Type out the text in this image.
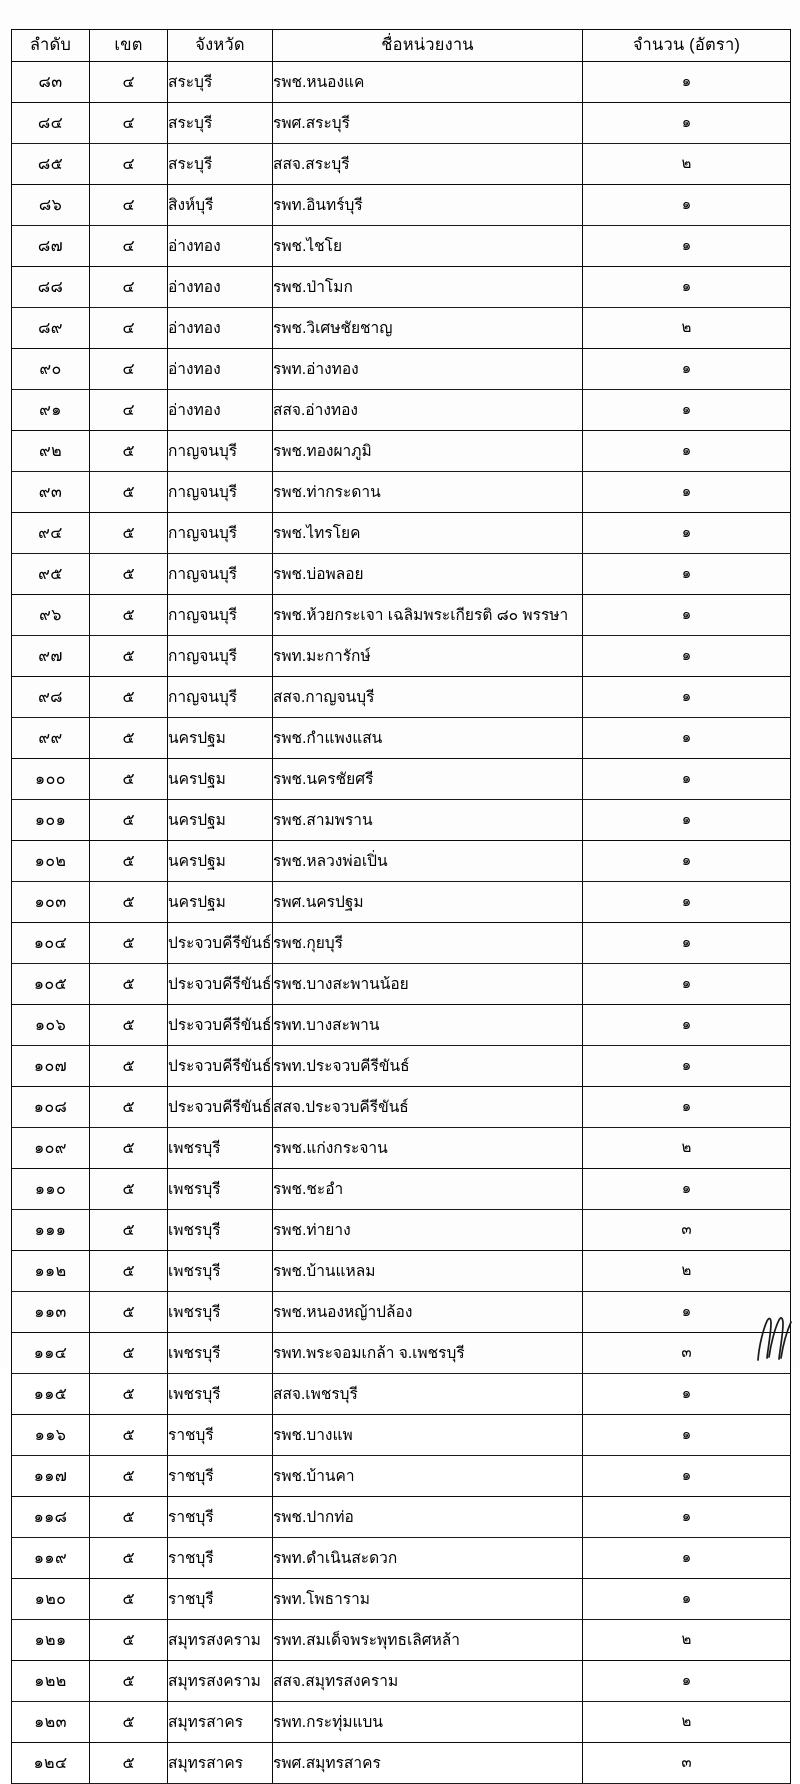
ลำดับ	เขต	จังหวัด	ชื่อหน่วยงาน	จำนวน (อัตรา)
๘๓	๔	สระบุรี	รพช.หนองแค	๑
๘๔	๔	สระบุรี	รพศ.สระบุรี	๑
๘๕	๔	สระบุรี	สสจ.สระบุรี	๒
๘๖	๔	สิงห์บุรี	รพท.อินทร์บุรี	๑
๘๗	๔	อ่างทอง	รพช.ไชโย	๑
๘๘	๔	อ่างทอง	รพช.ป่าโมก	๑
๘๙	๔	อ่างทอง	รพช.วิเศษชัยชาญ	๒
๙๐	๔	อ่างทอง	รพท.อ่างทอง	๑
๙๑	๔	อ่างทอง	สสจ.อ่างทอง	๑
๙๒	๕	กาญจนบุรี	รพช.ทองผาภูมิ	๑
๙๓	๕	กาญจนบุรี	รพช.ท่ากระดาน	๑
๙๔	๕	กาญจนบุรี	รพช.ไทรโยค	๑
๙๕	๕	กาญจนบุรี	รพช.บ่อพลอย	๑
๙๖	๕	กาญจนบุรี	รพช.ห้วยกระเจา เฉลิมพระเกียรติ ๘๐ พรรษา	๑
๙๗	๕	กาญจนบุรี	รพท.มะการักษ์	๑
๙๘	๕	กาญจนบุรี	สสจ.กาญจนบุรี	๑
๙๙	๕	นครปฐม	รพช.กำแพงแสน	๑
๑๐๐	๕	นครปฐม	รพช.นครชัยศรี	๑
๑๐๑	๕	นครปฐม	รพช.สามพราน	๑
๑๐๒	๕	นครปฐม	รพช.หลวงพ่อเปิ่น	๑
๑๐๓	๕	นครปฐม	รพศ.นครปฐม	๑
๑๐๔	๕	ประจวบคีรีขันธ์	รพช.กุยบุรี	๑
๑๐๕	๕	ประจวบคีรีขันธ์	รพช.บางสะพานน้อย	๑
๑๐๖	๕	ประจวบคีรีขันธ์	รพท.บางสะพาน	๑
๑๐๗	๕	ประจวบคีรีขันธ์	รพท.ประจวบคีรีขันธ์	๑
๑๐๘	๕	ประจวบคีรีขันธ์	สสจ.ประจวบคีรีขันธ์	๑
๑๐๙	๕	เพชรบุรี	รพช.แก่งกระจาน	๒
๑๑๐	๕	เพชรบุรี	รพช.ชะอำ	๑
๑๑๑	๕	เพชรบุรี	รพช.ท่ายาง	๓
๑๑๒	๕	เพชรบุรี	รพช.บ้านแหลม	๒
๑๑๓	๕	เพชรบุรี	รพช.หนองหญ้าปล้อง	๑
๑๑๔	๕	เพชรบุรี	รพท.พระจอมเกล้า จ.เพชรบุรี	๓
๑๑๕	๕	เพชรบุรี	สสจ.เพชรบุรี	๑
๑๑๖	๕	ราชบุรี	รพช.บางแพ	๑
๑๑๗	๕	ราชบุรี	รพช.บ้านคา	๑
๑๑๘	๕	ราชบุรี	รพช.ปากท่อ	๑
๑๑๙	๕	ราชบุรี	รพท.ดำเนินสะดวก	๑
๑๒๐	๕	ราชบุรี	รพท.โพธาราม	๑
๑๒๑	๕	สมุทรสงคราม	รพท.สมเด็จพระพุทธเลิศหล้า	๒
๑๒๒	๕	สมุทรสงคราม	สสจ.สมุทรสงคราม	๑
๑๒๓	๕	สมุทรสาคร	รพท.กระทุ่มแบน	๒
๑๒๔	๕	สมุทรสาคร	รพศ.สมุทรสาคร	๓
